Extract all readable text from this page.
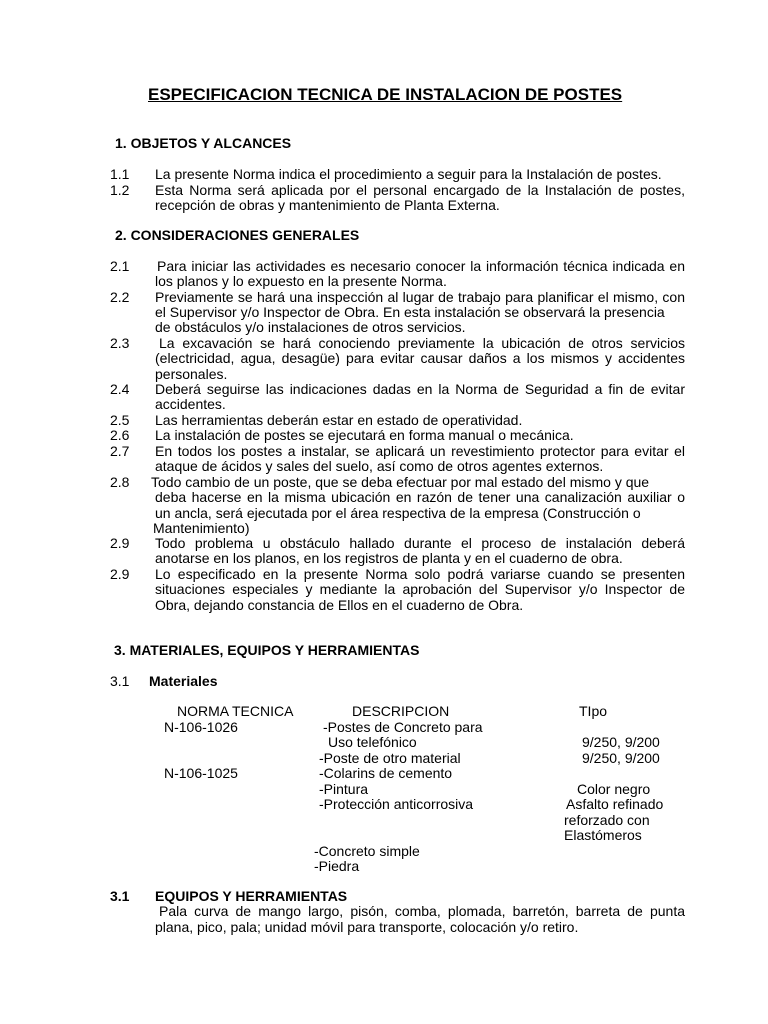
ESPECIFICACION TECNICA DE INSTALACION DE POSTES
1. OBJETOS Y ALCANCES
1.1 La presente Norma indica el procedimiento a seguir para la Instalación de postes.
1.2 Esta Norma será aplicada por el personal encargado de la Instalación de postes,
recepción de obras y mantenimiento de Planta Externa.
2. CONSIDERACIONES GENERALES
2.1 Para iniciar las actividades es necesario conocer la información técnica indicada en
los planos y lo expuesto en la presente Norma.
2.2 Previamente se hará una inspección al lugar de trabajo para planificar el mismo, con
el Supervisor y/o Inspector de Obra. En esta instalación se observará la presencia
de obstáculos y/o instalaciones de otros servicios.
2.3 La excavación se hará conociendo previamente la ubicación de otros servicios
(electricidad, agua, desagüe) para evitar causar daños a los mismos y accidentes
personales.
2.4 Deberá seguirse las indicaciones dadas en la Norma de Seguridad a fin de evitar
accidentes.
2.5 Las herramientas deberán estar en estado de operatividad.
2.6 La instalación de postes se ejecutará en forma manual o mecánica.
2.7 En todos los postes a instalar, se aplicará un revestimiento protector para evitar el
ataque de ácidos y sales del suelo, así como de otros agentes externos.
2.8 Todo cambio de un poste, que se deba efectuar por mal estado del mismo y que
deba hacerse en la misma ubicación en razón de tener una canalización auxiliar o
un ancla, será ejecutada por el área respectiva de la empresa (Construcción o
Mantenimiento)
2.9 Todo problema u obstáculo hallado durante el proceso de instalación deberá
anotarse en los planos, en los registros de planta y en el cuaderno de obra.
2.9 Lo especificado en la presente Norma solo podrá variarse cuando se presenten
situaciones especiales y mediante la aprobación del Supervisor y/o Inspector de
Obra, dejando constancia de Ellos en el cuaderno de Obra.
3. MATERIALES, EQUIPOS Y HERRAMIENTAS
3.1 Materiales
NORMA TECNICA	DESCRIPCION	TIpo
N-106-1026	-Postes de Concreto para
Uso telefónico	9/250, 9/200
-Poste de otro material	9/250, 9/200
N-106-1025	-Colarins de cemento
-Pintura	Color negro
-Protección anticorrosiva	Asfalto refinado
reforzado con
Elastómeros
-Concreto simple
-Piedra
3.1 EQUIPOS Y HERRAMIENTAS
Pala curva de mango largo, pisón, comba, plomada, barretón, barreta de punta
plana, pico, pala; unidad móvil para transporte, colocación y/o retiro.
